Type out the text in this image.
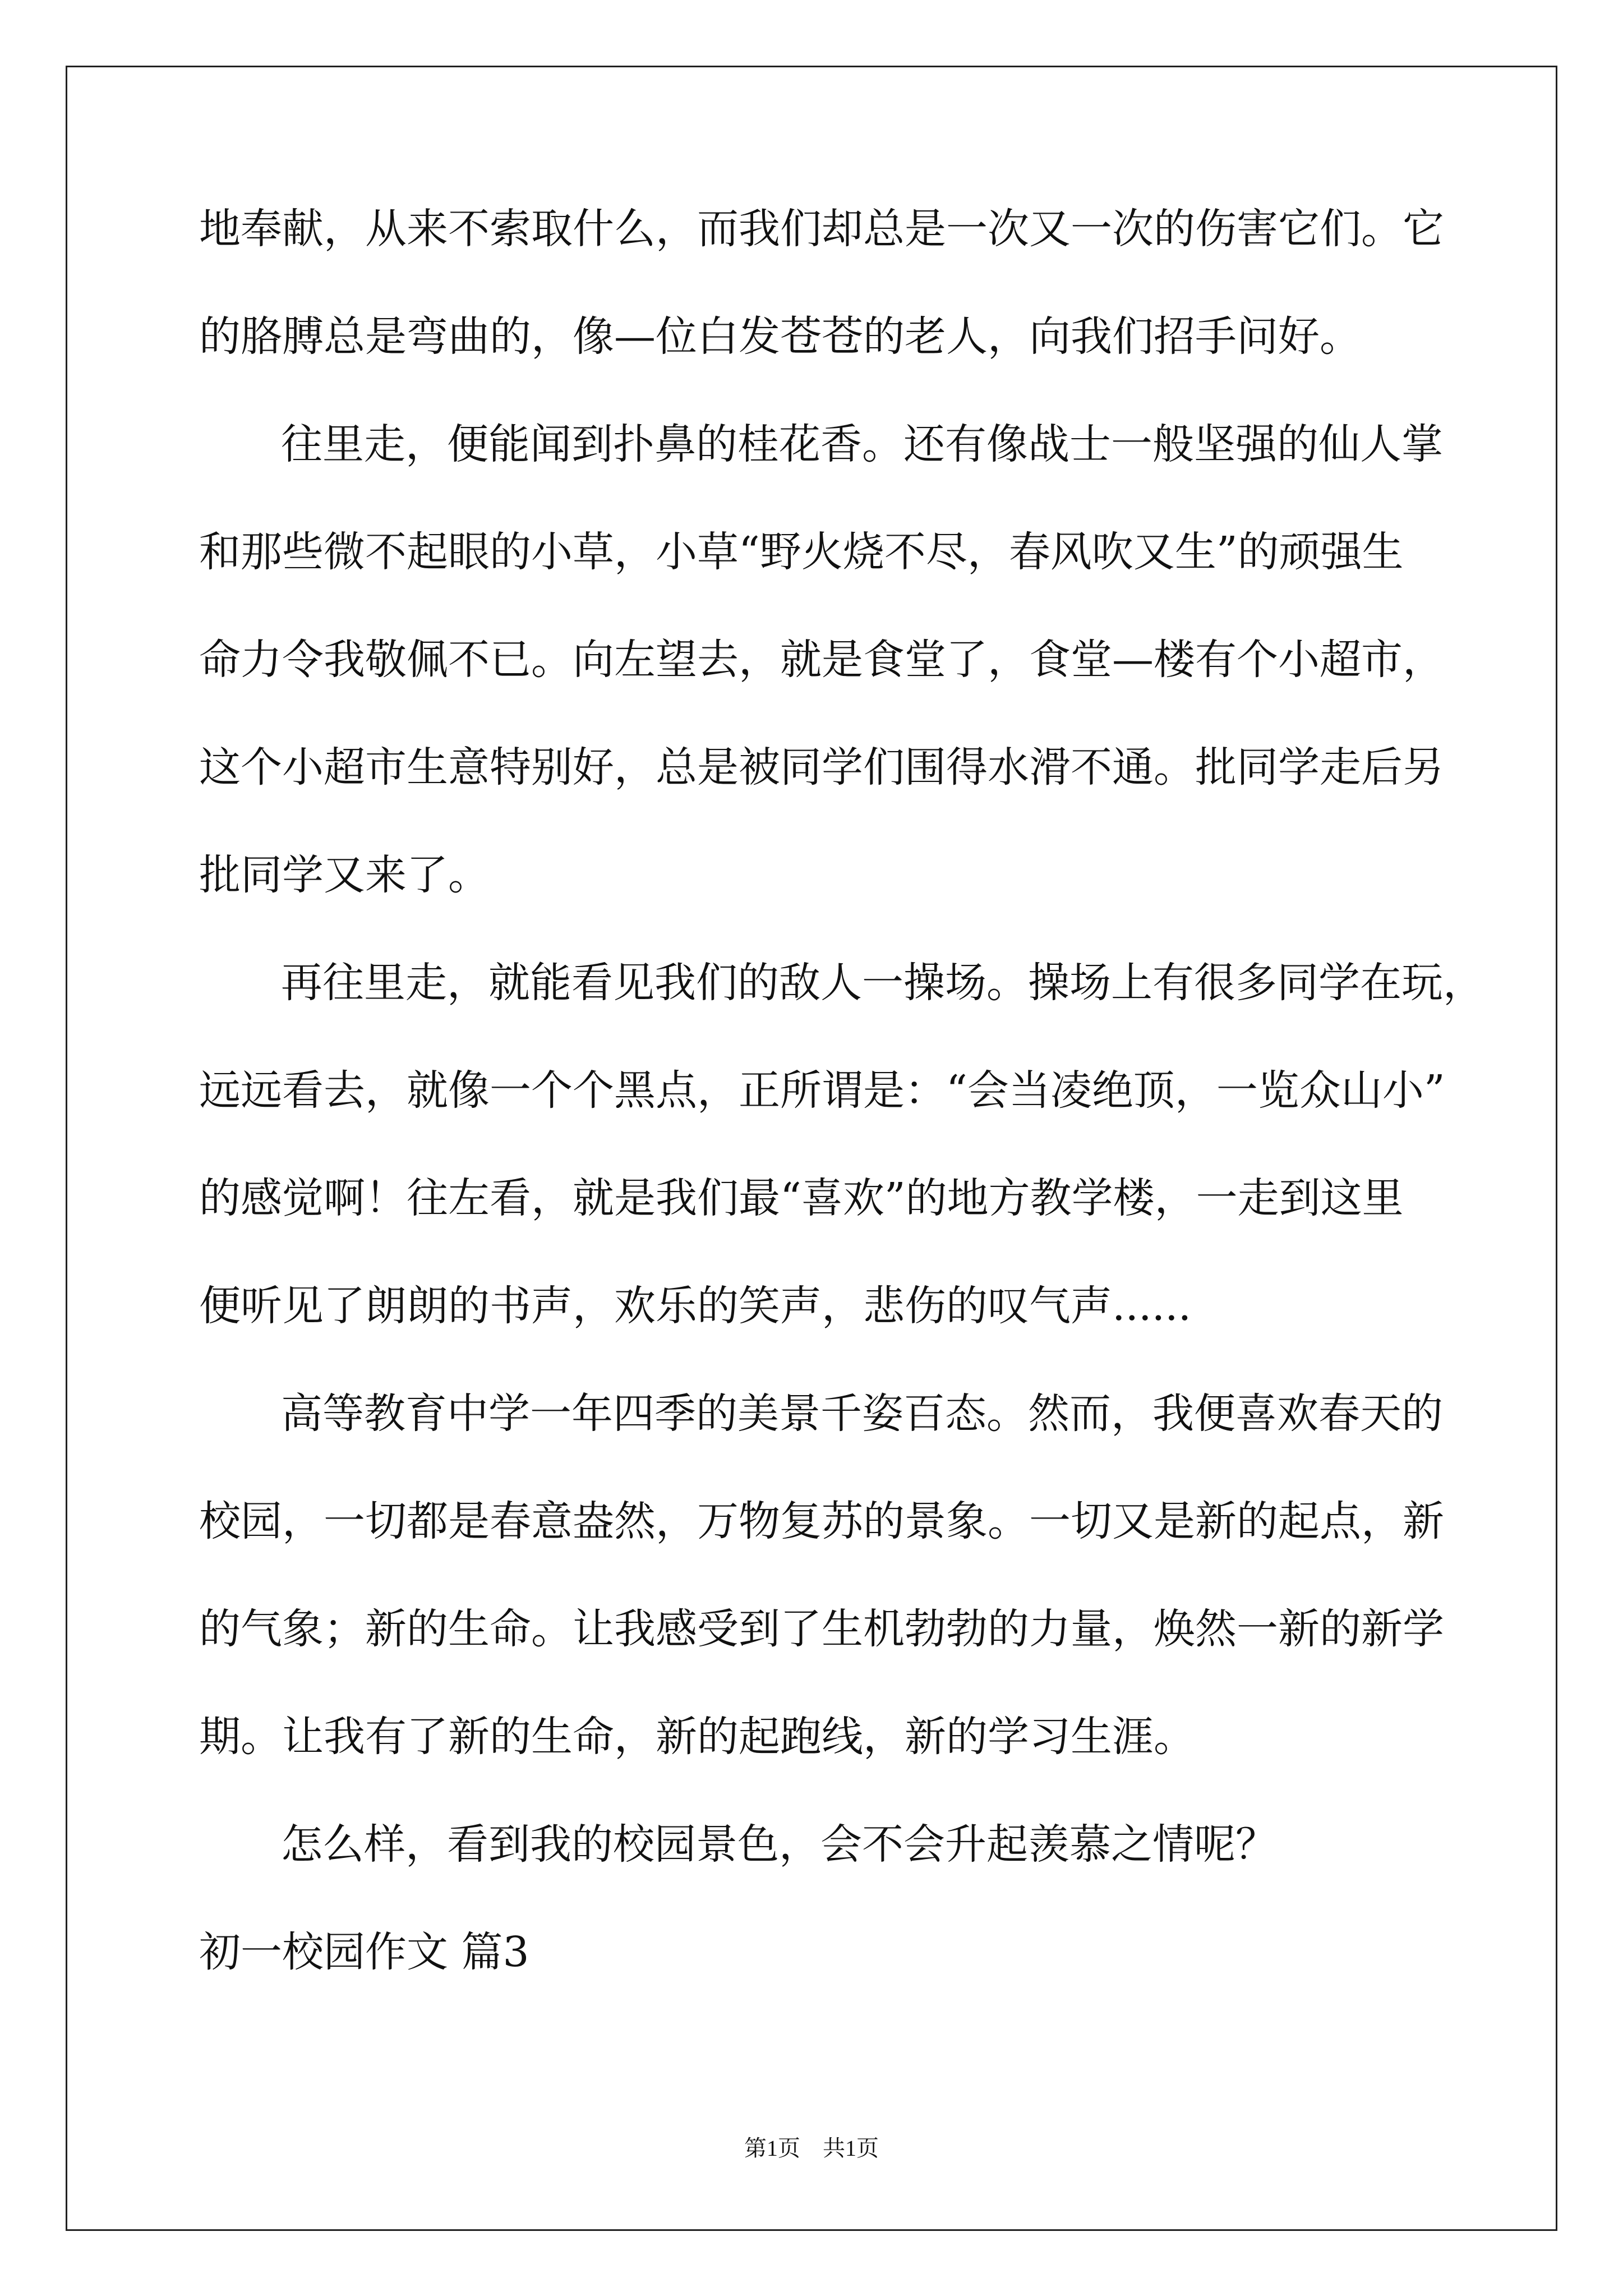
地奉献，从来不索取什么，而我们却总是一次又一次的伤害它们。它
的胳膊总是弯曲的，像—位白发苍苍的老人，向我们招手问好。
往里走，便能闻到扑鼻的桂花香。还有像战士一般坚强的仙人掌
和那些微不起眼的小草，小草“野火烧不尽，春风吹又生”的顽强生
命力令我敬佩不已。向左望去，就是食堂了，食堂—楼有个小超市，
这个小超市生意特别好，总是被同学们围得水滑不通。批同学走后另
批同学又来了。
再往里走，就能看见我们的敌人一操场。操场上有很多同学在玩，
远远看去，就像一个个黑点，正所谓是：“会当凌绝顶，一览众山小”
的感觉啊！往左看，就是我们最“喜欢”的地方教学楼，一走到这里
便听见了朗朗的书声，欢乐的笑声，悲伤的叹气声......
高等教育中学一年四季的美景千姿百态。然而，我便喜欢春天的
校园，一切都是春意盎然，万物复苏的景象。一切又是新的起点，新
的气象；新的生命。让我感受到了生机勃勃的力量，焕然一新的新学
期。让我有了新的生命，新的起跑线，新的学习生涯。
怎么样，看到我的校园景色，会不会升起羡慕之情呢？
初一校园作文 篇3
第1页　共1页
